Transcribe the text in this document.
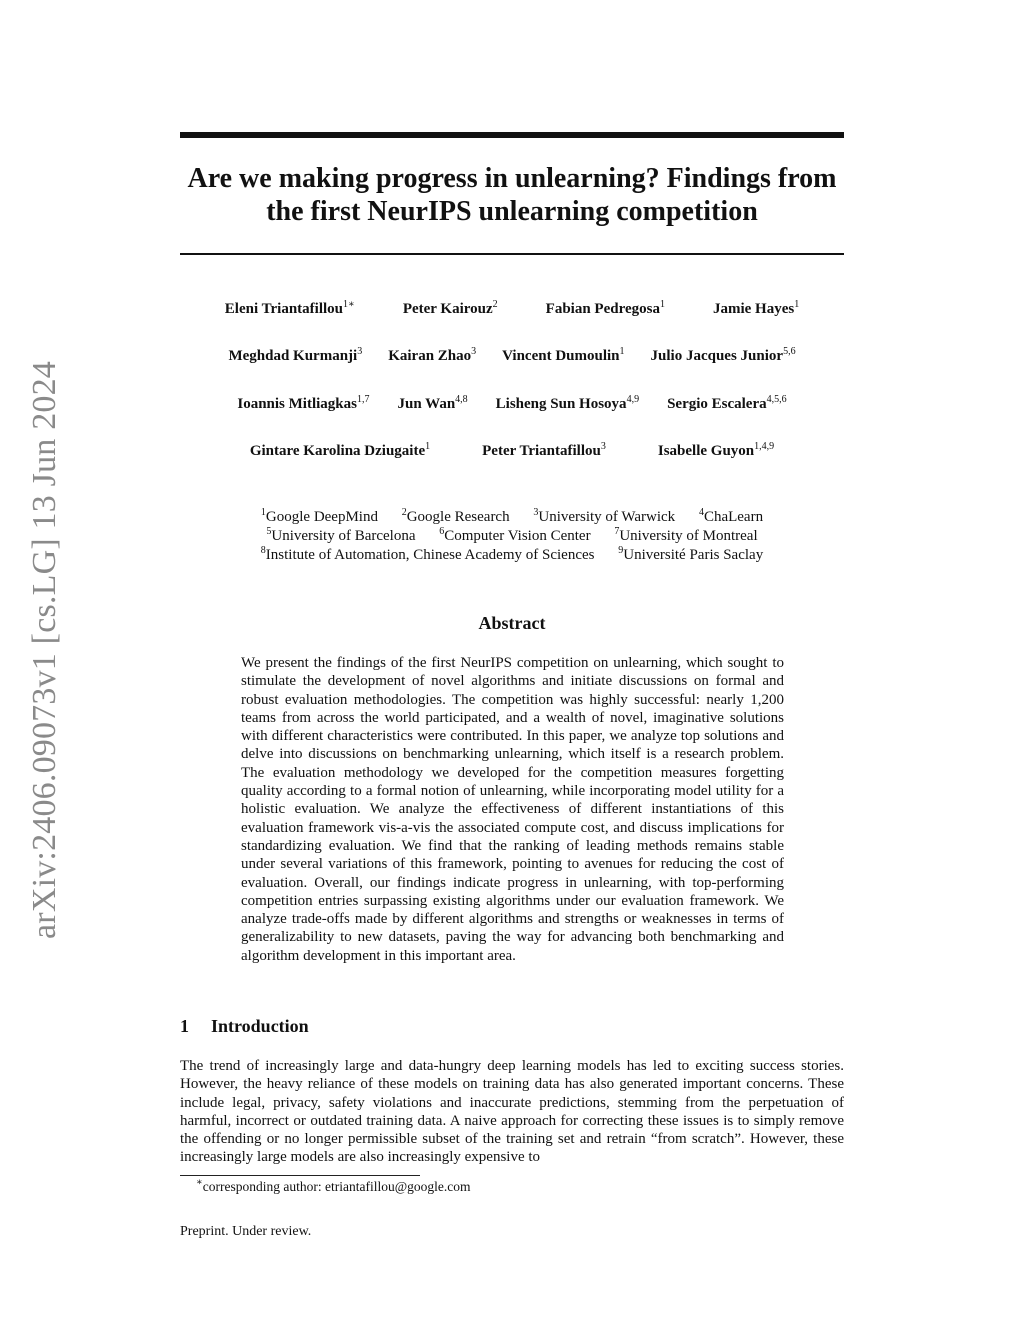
arXiv:2406.09073v1 [cs.LG] 13 Jun 2024
Are we making progress in unlearning? Findings from
the first NeurIPS unlearning competition
Eleni Triantafillou$^{1∗}$	Peter Kairouz$^2$	Fabian Pedregosa$^1$	Jamie Hayes$^1$
Meghdad Kurmanji$^3$ Kairan Zhao$^3$ Vincent Dumoulin$^1$ Julio Jacques Junior$^{5,6}$
Ioannis Mitliagkas$^{1,7}$ Jun Wan$^{4,8}$ Lisheng Sun Hosoya$^{4,9}$ Sergio Escalera$^{4,5,6}$
Gintare Karolina Dziugaite$^1$	Peter Triantafillou$^3$	Isabelle Guyon$^{1,4,9}$
$^1$Google DeepMind $^2$Google Research $^3$University of Warwick $^4$ChaLearn
$^5$University of Barcelona $^6$Computer Vision Center $^7$University of Montreal
$^8$Institute of Automation, Chinese Academy of Sciences $^9$Université Paris Saclay
Abstract
We present the findings of the first NeurIPS competition on unlearning, which sought to stimulate the development of novel algorithms and initiate discussions on formal and robust evaluation methodologies. The competition was highly successful: nearly 1,200 teams from across the world participated, and a wealth of novel, imaginative solutions with different characteristics were contributed. In this paper, we analyze top solutions and delve into discussions on benchmarking unlearning, which itself is a research problem. The evaluation methodology we developed for the competition measures forgetting quality according to a formal notion of unlearning, while incorporating model utility for a holistic evaluation. We analyze the effectiveness of different instantiations of this evaluation framework vis-a-vis the associated compute cost, and discuss implications for standardizing evaluation. We find that the ranking of leading methods remains stable under several variations of this framework, pointing to avenues for reducing the cost of evaluation. Overall, our findings indicate progress in unlearning, with top-performing competition entries surpassing existing algorithms under our evaluation framework. We analyze trade-offs made by different algorithms and strengths or weaknesses in terms of generalizability to new datasets, paving the way for advancing both benchmarking and algorithm development in this important area.
1 Introduction
The trend of increasingly large and data-hungry deep learning models has led to exciting success stories. However, the heavy reliance of these models on training data has also generated important concerns. These include legal, privacy, safety violations and inaccurate predictions, stemming from the perpetuation of harmful, incorrect or outdated training data. A naive approach for correcting these issues is to simply remove the offending or no longer permissible subset of the training set and retrain “from scratch”. However, these increasingly large models are also increasingly expensive to
∗corresponding author: etriantafillou@google.com
Preprint. Under review.
